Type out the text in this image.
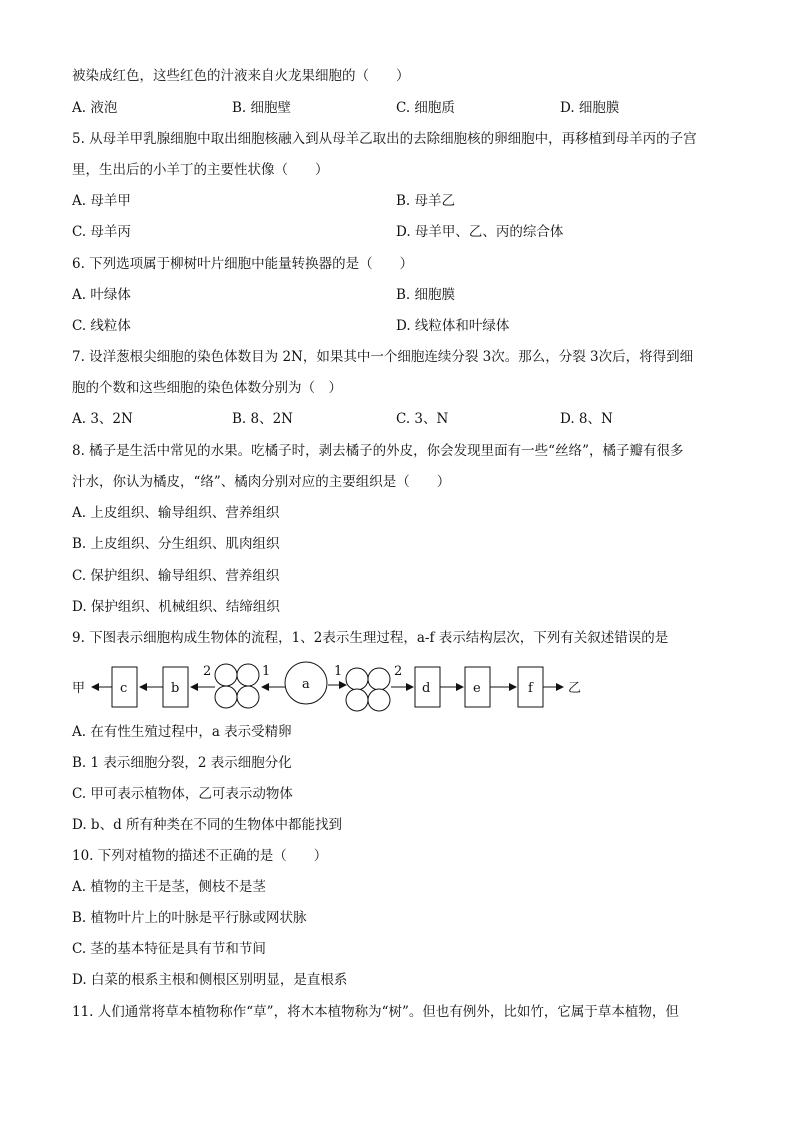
被染成红色，这些红色的汁液来自火龙果细胞的（　　）
A. 液泡	B. 细胞壁	C. 细胞质	D. 细胞膜
5. 从母羊甲乳腺细胞中取出细胞核融入到从母羊乙取出的去除细胞核的卵细胞中，再移植到母羊丙的子宫
里，生出后的小羊丁的主要性状像（　　）
A. 母羊甲	B. 母羊乙
C. 母羊丙	D. 母羊甲、乙、丙的综合体
6. 下列选项属于柳树叶片细胞中能量转换器的是（　　）
A. 叶绿体	B. 细胞膜
C. 线粒体	D. 线粒体和叶绿体
7. 设洋葱根尖细胞的染色体数目为 2N，如果其中一个细胞连续分裂 3次。那么，分裂 3次后，将得到细
胞的个数和这些细胞的染色体数分别为（　）
A. 3、2N	B. 8、2N	C. 3、N	D. 8、N
8. 橘子是生活中常见的水果。吃橘子时，剥去橘子的外皮，你会发现里面有一些“丝络”，橘子瓣有很多
汁水，你认为橘皮，“络”、橘肉分别对应的主要组织是（　　）
A. 上皮组织、输导组织、营养组织
B. 上皮组织、分生组织、肌肉组织
C. 保护组织、输导组织、营养组织
D. 保护组织、机械组织、结缔组织
9. 下图表示细胞构成生物体的流程，1、2表示生理过程，a-f 表示结构层次，下列有关叙述错误的是
甲	c	b
2	1
a
1	2
d	e	f	乙
A. 在有性生殖过程中，a 表示受精卵
B. 1 表示细胞分裂，2 表示细胞分化
C. 甲可表示植物体，乙可表示动物体
D. b、d 所有种类在不同的生物体中都能找到
10. 下列对植物的描述不正确的是（　　）
A. 植物的主干是茎，侧枝不是茎
B. 植物叶片上的叶脉是平行脉或网状脉
C. 茎的基本特征是具有节和节间
D. 白菜的根系主根和侧根区别明显，是直根系
11. 人们通常将草本植物称作“草”，将木本植物称为“树”。但也有例外，比如竹，它属于草本植物，但
